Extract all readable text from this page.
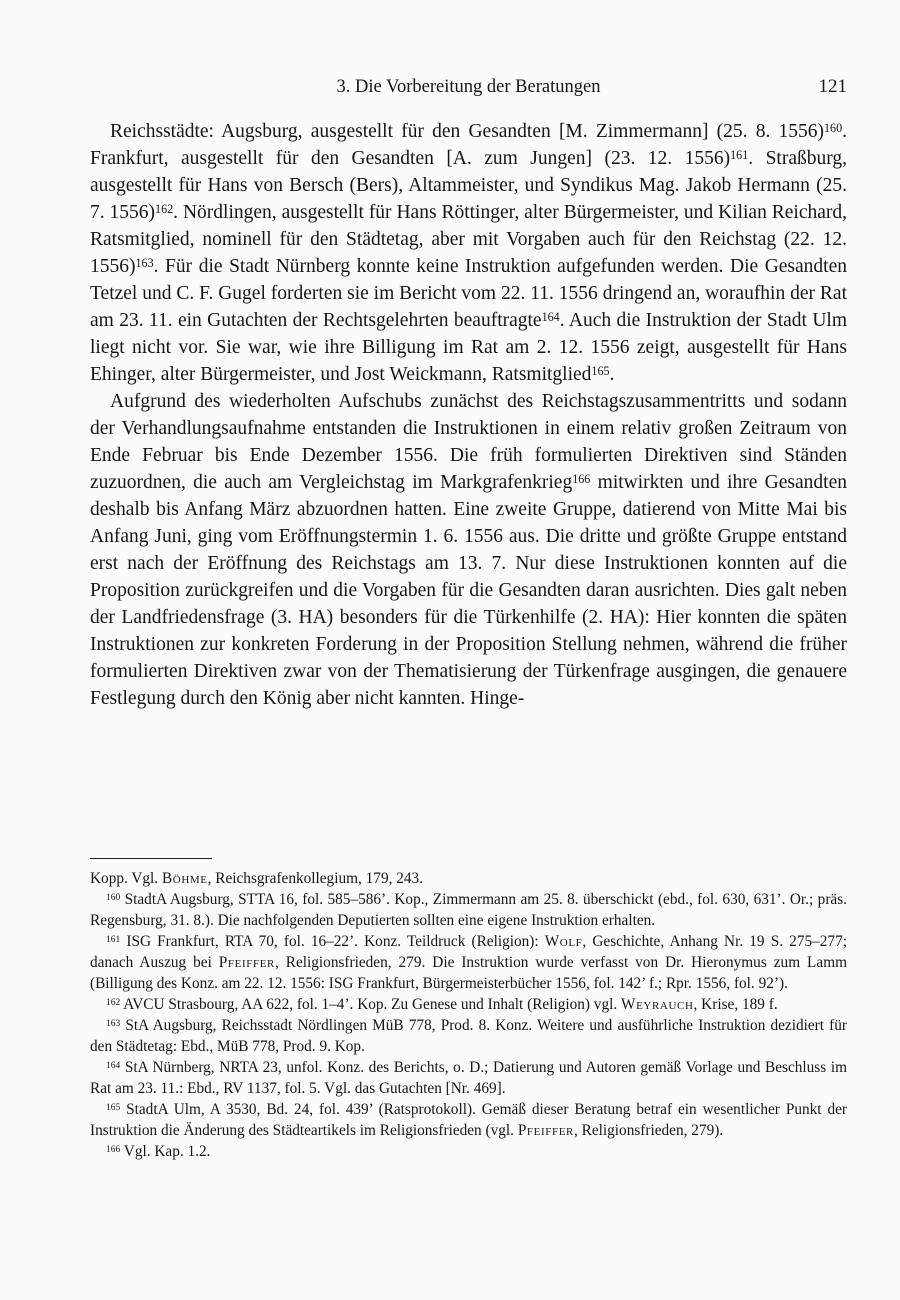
3. Die Vorbereitung der Beratungen	121

Reichsstädte: Augsburg, ausgestellt für den Gesandten [M. Zimmermann] (25. 8. 1556)$^{160}$. Frankfurt, ausgestellt für den Gesandten [A. zum Jungen] (23. 12. 1556)$^{161}$. Straßburg, ausgestellt für Hans von Bersch (Bers), Altammeister, und Syndikus Mag. Jakob Hermann (25. 7. 1556)$^{162}$. Nördlingen, ausgestellt für Hans Röttinger, alter Bürgermeister, und Kilian Reichard, Ratsmitglied, nominell für den Städtetag, aber mit Vorgaben auch für den Reichstag (22. 12. 1556)$^{163}$. Für die Stadt Nürnberg konnte keine Instruktion aufgefunden werden. Die Gesandten Tetzel und C. F. Gugel forderten sie im Bericht vom 22. 11. 1556 dringend an, woraufhin der Rat am 23. 11. ein Gutachten der Rechtsgelehrten beauftragte$^{164}$. Auch die Instruktion der Stadt Ulm liegt nicht vor. Sie war, wie ihre Billigung im Rat am 2. 12. 1556 zeigt, ausgestellt für Hans Ehinger, alter Bürgermeister, und Jost Weickmann, Ratsmitglied$^{165}$.

Aufgrund des wiederholten Aufschubs zunächst des Reichstagszusammentritts und sodann der Verhandlungsaufnahme entstanden die Instruktionen in einem relativ großen Zeitraum von Ende Februar bis Ende Dezember 1556. Die früh formulierten Direktiven sind Ständen zuzuordnen, die auch am Vergleichstag im Markgrafenkrieg$^{166}$ mitwirkten und ihre Gesandten deshalb bis Anfang März abzuordnen hatten. Eine zweite Gruppe, datierend von Mitte Mai bis Anfang Juni, ging vom Eröffnungstermin 1. 6. 1556 aus. Die dritte und größte Gruppe entstand erst nach der Eröffnung des Reichstags am 13. 7. Nur diese Instruktionen konnten auf die Proposition zurückgreifen und die Vorgaben für die Gesandten daran ausrichten. Dies galt neben der Landfriedensfrage (3. HA) besonders für die Türkenhilfe (2. HA): Hier konnten die späten Instruktionen zur konkreten Forderung in der Proposition Stellung nehmen, während die früher formulierten Direktiven zwar von der Thematisierung der Türkenfrage ausgingen, die genauere Festlegung durch den König aber nicht kannten. Hinge-

Kopp. Vgl. Böhme, Reichsgrafenkollegium, 179, 243.

$^{160}$ StadtA Augsburg, STTA 16, fol. 585–586’. Kop., Zimmermann am 25. 8. überschickt (ebd., fol. 630, 631’. Or.; präs. Regensburg, 31. 8.). Die nachfolgenden Deputierten sollten eine eigene Instruktion erhalten.

$^{161}$ ISG Frankfurt, RTA 70, fol. 16–22’. Konz. Teildruck (Religion): Wolf, Geschichte, Anhang Nr. 19 S. 275–277; danach Auszug bei Pfeiffer, Religionsfrieden, 279. Die Instruktion wurde verfasst von Dr. Hieronymus zum Lamm (Billigung des Konz. am 22. 12. 1556: ISG Frankfurt, Bürgermeisterbücher 1556, fol. 142’ f.; Rpr. 1556, fol. 92’).

$^{162}$ AVCU Strasbourg, AA 622, fol. 1–4’. Kop. Zu Genese und Inhalt (Religion) vgl. Weyrauch, Krise, 189 f.

$^{163}$ StA Augsburg, Reichsstadt Nördlingen MüB 778, Prod. 8. Konz. Weitere und ausführliche Instruktion dezidiert für den Städtetag: Ebd., MüB 778, Prod. 9. Kop.

$^{164}$ StA Nürnberg, NRTA 23, unfol. Konz. des Berichts, o. D.; Datierung und Autoren gemäß Vorlage und Beschluss im Rat am 23. 11.: Ebd., RV 1137, fol. 5. Vgl. das Gutachten [Nr. 469].

$^{165}$ StadtA Ulm, A 3530, Bd. 24, fol. 439’ (Ratsprotokoll). Gemäß dieser Beratung betraf ein wesentlicher Punkt der Instruktion die Änderung des Städteartikels im Religionsfrieden (vgl. Pfeiffer, Religionsfrieden, 279).

$^{166}$ Vgl. Kap. 1.2.
